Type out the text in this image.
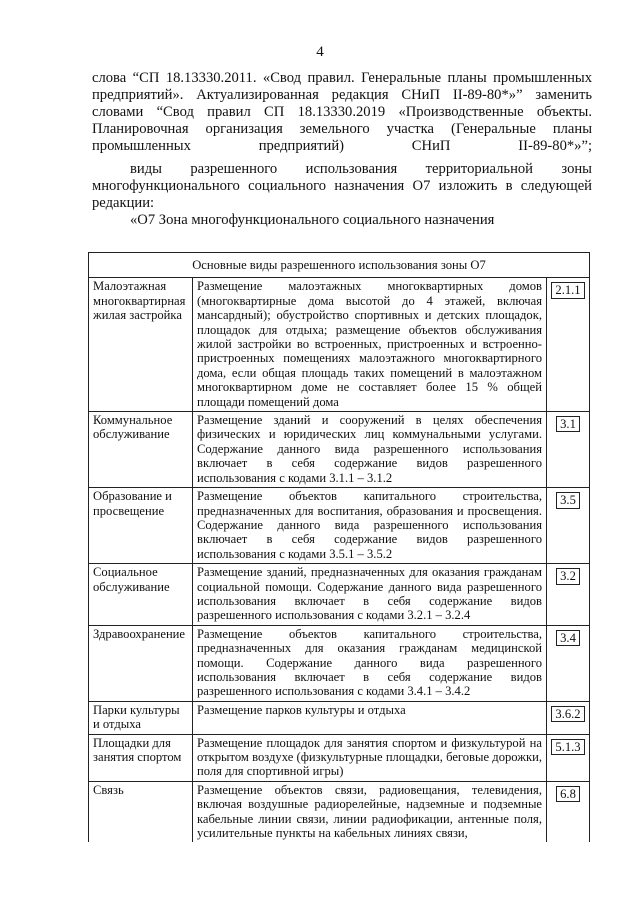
4

слова “СП 18.13330.2011. «Свод правил. Генеральные планы промышленных предприятий». Актуализированная редакция СНиП II-89-80*»” заменить словами “Свод правил СП 18.13330.2019 «Производственные объекты. Планировочная организация земельного участка (Генеральные планы промышленных предприятий) СНиП II-89-80*»”;

виды разрешенного использования территориальной зоны многофункционального социального назначения О7 изложить в следующей редакции:

«О7 Зона многофункционального социального назначения

Основные виды разрешенного использования зоны О7		
Малоэтажная многоквартирная жилая застройка	Размещение малоэтажных многоквартирных домов (многоквартирные дома высотой до 4 этажей, включая мансардный); обустройство спортивных и детских площадок, площадок для отдыха; размещение объектов обслуживания жилой застройки во встроенных, пристроенных и встроенно-пристроенных помещениях малоэтажного многоквартирного дома, если общая площадь таких помещений в малоэтажном многоквартирном доме не составляет более 15 % общей площади помещений дома	2.1.1
Коммунальное обслуживание	Размещение зданий и сооружений в целях обеспечения физических и юридических лиц коммунальными услугами. Содержание данного вида разрешенного использования включает в себя содержание видов разрешенного использования с кодами 3.1.1 – 3.1.2	3.1
Образование и просвещение	Размещение объектов капитального строительства, предназначенных для воспитания, образования и просвещения. Содержание данного вида разрешенного использования включает в себя содержание видов разрешенного использования с кодами 3.5.1 – 3.5.2	3.5
Социальное обслуживание	Размещение зданий, предназначенных для оказания гражданам социальной помощи. Содержание данного вида разрешенного использования включает в себя содержание видов разрешенного использования с кодами 3.2.1 – 3.2.4	3.2
Здравоохранение	Размещение объектов капитального строительства, предназначенных для оказания гражданам медицинской помощи. Содержание данного вида разрешенного использования включает в себя содержание видов разрешенного использования с кодами 3.4.1 – 3.4.2	3.4
Парки культуры и отдыха	Размещение парков культуры и отдыха	3.6.2
Площадки для занятия спортом	Размещение площадок для занятия спортом и физкультурой на открытом воздухе (физкультурные площадки, беговые дорожки, поля для спортивной игры)	5.1.3
Связь	Размещение объектов связи, радиовещания, телевидения, включая воздушные радиорелейные, надземные и подземные кабельные линии связи, линии радиофикации, антенные поля, усилительные пункты на кабельных линиях связи,	6.8
